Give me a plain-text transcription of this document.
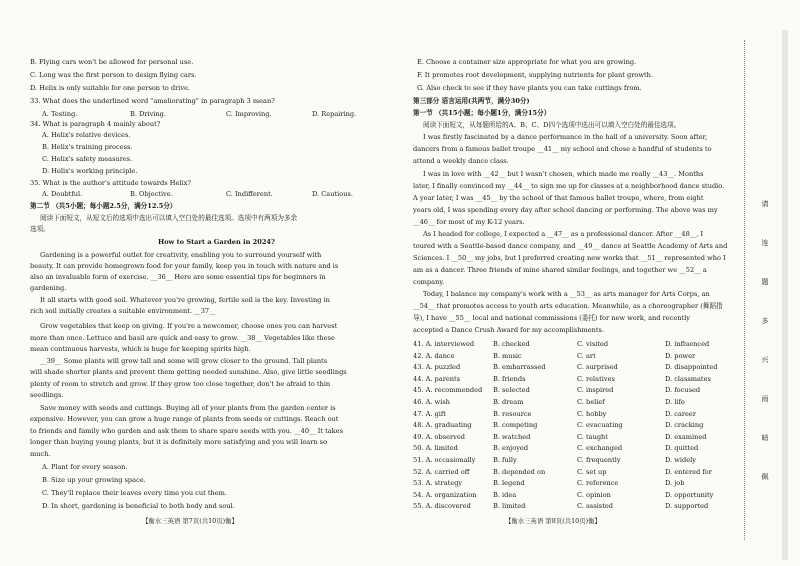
B. Flying cars won't be allowed for personal use.
C. Long was the first person to design flying cars.
D. Helix is only suitable for one person to drive.
33. What does the underlined word "ameliorating" in paragraph 3 mean?
A. Testing.	B. Driving.	C. Improving.	D. Repairing.
34. What is paragraph 4 mainly about?
A. Helix's relative devices.
B. Helix's training process.
C. Helix's safety measures.
D. Helix's working principle.
35. What is the author's attitude towards Helix?
A. Doubtful.	B. Objective.	C. Indifferent.	D. Cautious.
第二节 （共5小题；每小题2.5分，满分12.5分）
阅读下面短文，从短文后的选项中选出可以填入空白处的最佳选项。选项中有两项为多余
选项。
How to Start a Garden in 2024?
Gardening is a powerful outlet for creativity, enabling you to surround yourself with
beauty. It can provide homegrown food for your family, keep you in touch with nature and is
also an invaluable form of exercise. __36__ Here are some essential tips for beginners in
gardening.
It all starts with good soil. Whatever you're growing, fertile soil is the key. Investing in
rich soil initially creates a suitable environment. __37__
Grow vegetables that keep on giving. If you're a newcomer, choose ones you can harvest
more than once. Lettuce and basil are quick and easy to grow. __38__ Vegetables like these
mean continuous harvests, which is huge for keeping spirits high.
__39__ Some plants will grow tall and some will grow closer to the ground. Tall plants
will shade shorter plants and prevent them getting needed sunshine. Also, give little seedlings
plenty of room to stretch and grow. If they grow too close together, don't be afraid to thin
seedlings.
Save money with seeds and cuttings. Buying all of your plants from the garden center is
expensive. However, you can grow a huge range of plants from seeds or cuttings. Reach out
to friends and family who garden and ask them to share spare seeds with you. __40__ It takes
longer than buying young plants, but it is definitely more satisfying and you will learn so
much.
A. Plant for every season.
B. Size up your growing space.
C. They'll replace their leaves every time you cut them.
D. In short, gardening is beneficial to both body and soul.
【衡水三英语 第7页(共10页)衡】
E. Choose a container size appropriate for what you are growing.
F. It promotes root development, supplying nutrients for plant growth.
G. Also check to see if they have plants you can take cuttings from.
第三部分 语言运用(共两节，满分30分)
第一节 （共15小题；每小题1分，满分15分）
阅读下面短文，从每题所给的A、B、C、D四个选项中选出可以填入空白处的最佳选项。
I was firstly fascinated by a dance performance in the hall of a university. Soon after,
dancers from a famous ballet troupe __41__ my school and chose a handful of students to
attend a weekly dance class.
I was in love with __42__ but I wasn't chosen, which made me really __43__. Months
later, I finally convinced my __44__ to sign me up for classes at a neighborhood dance studio.
A year later, I was __45__ by the school of that famous ballet troupe, where, from eight
years old, I was spending every day after school dancing or performing. The above was my
__46__ for most of my K-12 years.
As I headed for college, I expected a __47__ as a professional dancer. After __48__, I
toured with a Seattle-based dance company, and __49__ dance at Seattle Academy of Arts and
Sciences. I __50__ my jobs, but I preferred creating new works that __51__ represented who I
am as a dancer. Three friends of mine shared similar feelings, and together we __52__ a
company.
Today, I balance my company's work with a __53__ as arts manager for Arts Corps, an
__54__ that promotes access to youth arts education. Meanwhile, as a choreographer (舞蹈指
导), I have __55__ local and national commissions (委托) for new work, and recently
accepted a Dance Crush Award for my accomplishments.
41. A. interviewed	B. checked	C. visited	D. influenced
42. A. dance	B. music	C. art	D. power
43. A. puzzled	B. embarrassed	C. surprised	D. disappointed
44. A. parents	B. friends	C. relatives	D. classmates
45. A. recommended B. selected	C. inspired	D. focused
46. A. wish	B. dream	C. belief	D. life
47. A. gift	B. resource	C. hobby	D. career
48. A. graduating	B. competing	C. evacuating	D. cracking
49. A. observed	B. watched	C. taught	D. examined
50. A. limited	B. enjoyed	C. exchanged	D. quitted
51. A. occasionally	B. fully	C. frequently	D. widely
52. A. carried off	B. depended on	C. set up	D. entered for
53. A. strategy	B. legend	C. reference	D. job
54. A. organization B. idea	C. opinion	D. opportunity
55. A. discovered	B. limited	C. assisted	D. supported
【衡水三英语 第8页(共10页)衡】
请
连
题
多
兴
雨
暗
佩
